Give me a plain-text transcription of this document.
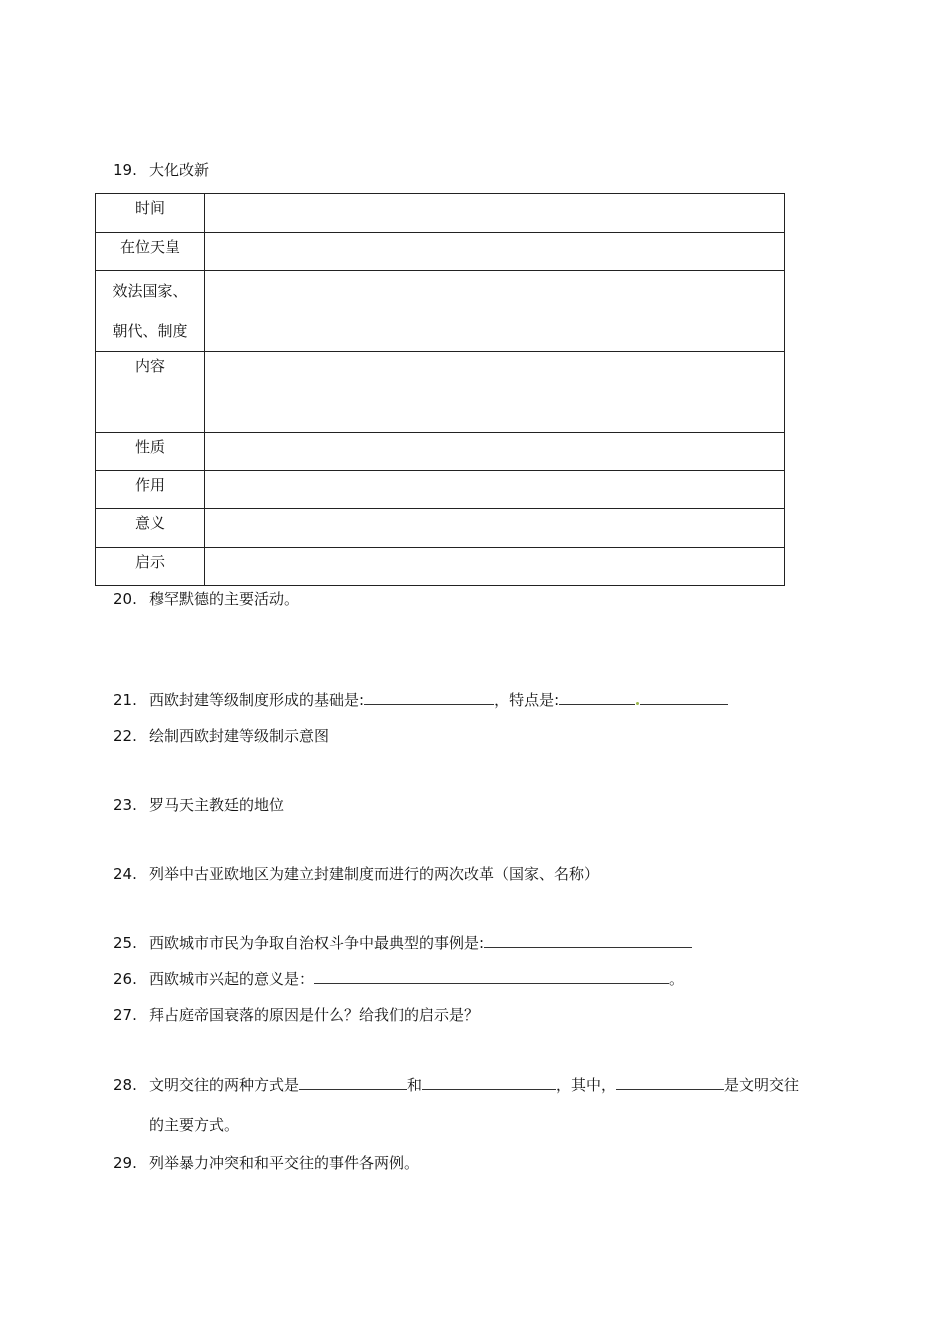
19. 大化改新
时间	
在位天皇	

效法国家、
朝代、制度	

内容	
性质	
作用	
意义	
启示	
20. 穆罕默德的主要活动。
21. 西欧封建等级制度形成的基础是:	，特点是:
22. 绘制西欧封建等级制示意图
23. 罗马天主教廷的地位
24. 列举中古亚欧地区为建立封建制度而进行的两次改革（国家、名称）
25. 西欧城市市民为争取自治权斗争中最典型的事例是:
26. 西欧城市兴起的意义是：	。
27. 拜占庭帝国衰落的原因是什么？给我们的启示是？
28. 文明交往的两种方式是	和	，其中，	是文明交往
的主要方式。
29. 列举暴力冲突和和平交往的事件各两例。
